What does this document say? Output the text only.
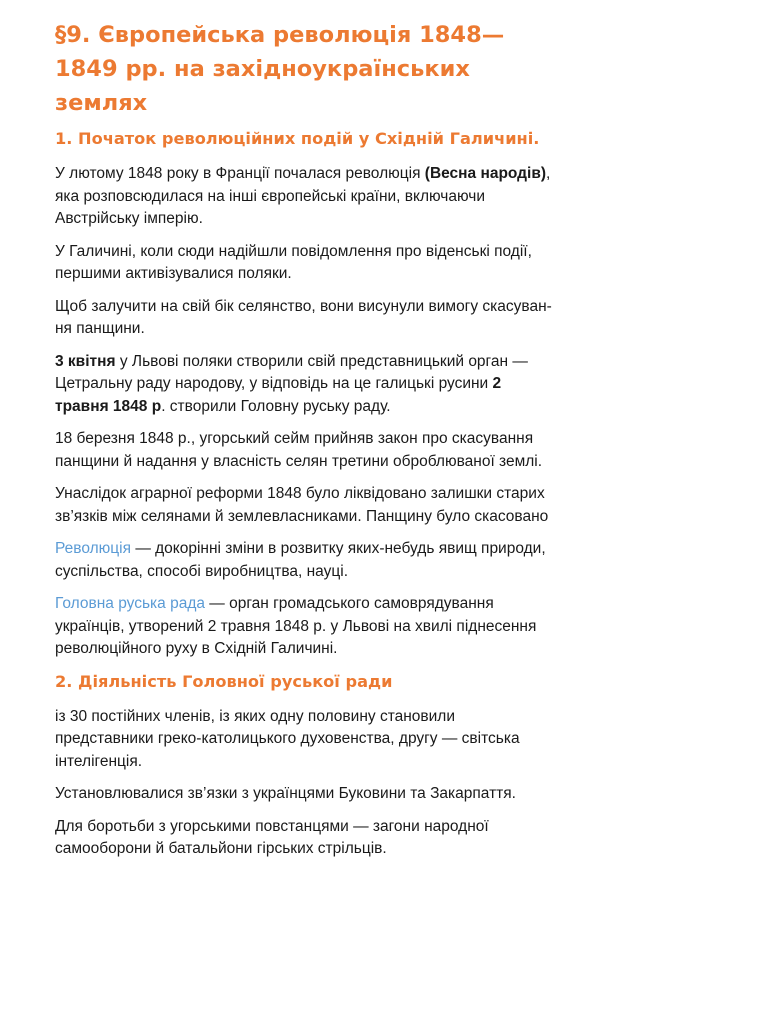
§9. Європейська революція 1848—
1849 рр. на західноукраїнських землях
1. Початок революційних подій у Східній Галичині.

У лютому 1848 року в Франції почалася революція (Весна народів), яка розповсюдилася на інші європейські країни, включаючи Австрійську імперію.

У Галичині, коли сюди надійшли повідомлення про віденські події, першими активізувалися поляки.

Щоб залучити на свій бік селянство, вони висунули вимогу скасуван- ня панщини.

3 квітня у Львові поляки створили свій представницький орган — Цетральну раду народову, у відповідь на це галицькі русини 2 травня 1848 р. створили Головну руську раду.

18 березня 1848 р., угорський сейм прийняв закон про скасування панщини й надання у власність селян третини оброблюваної землі.

Унаслідок аграрної реформи 1848 було ліквідовано залишки старих зв’язків між селянами й землевласниками. Панщину було скасовано

Революція — докорінні зміни в розвитку яких-небудь явищ природи, суспільства, способі виробництва, науці.

Головна руська рада — орган громадського самоврядування українців, утворений 2 травня 1848 р. у Львові на хвилі піднесення революційного руху в Східній Галичині.

2. Діяльність Головної руської ради

із 30 постійних членів, із яких одну половину становили представники греко-католицького духовенства, другу — світська інтелігенція.

Установлювалися зв’язки з українцями Буковини та Закарпаття.

Для боротьби з угорськими повстанцями — загони народної самооборони й батальйони гірських стрільців.
